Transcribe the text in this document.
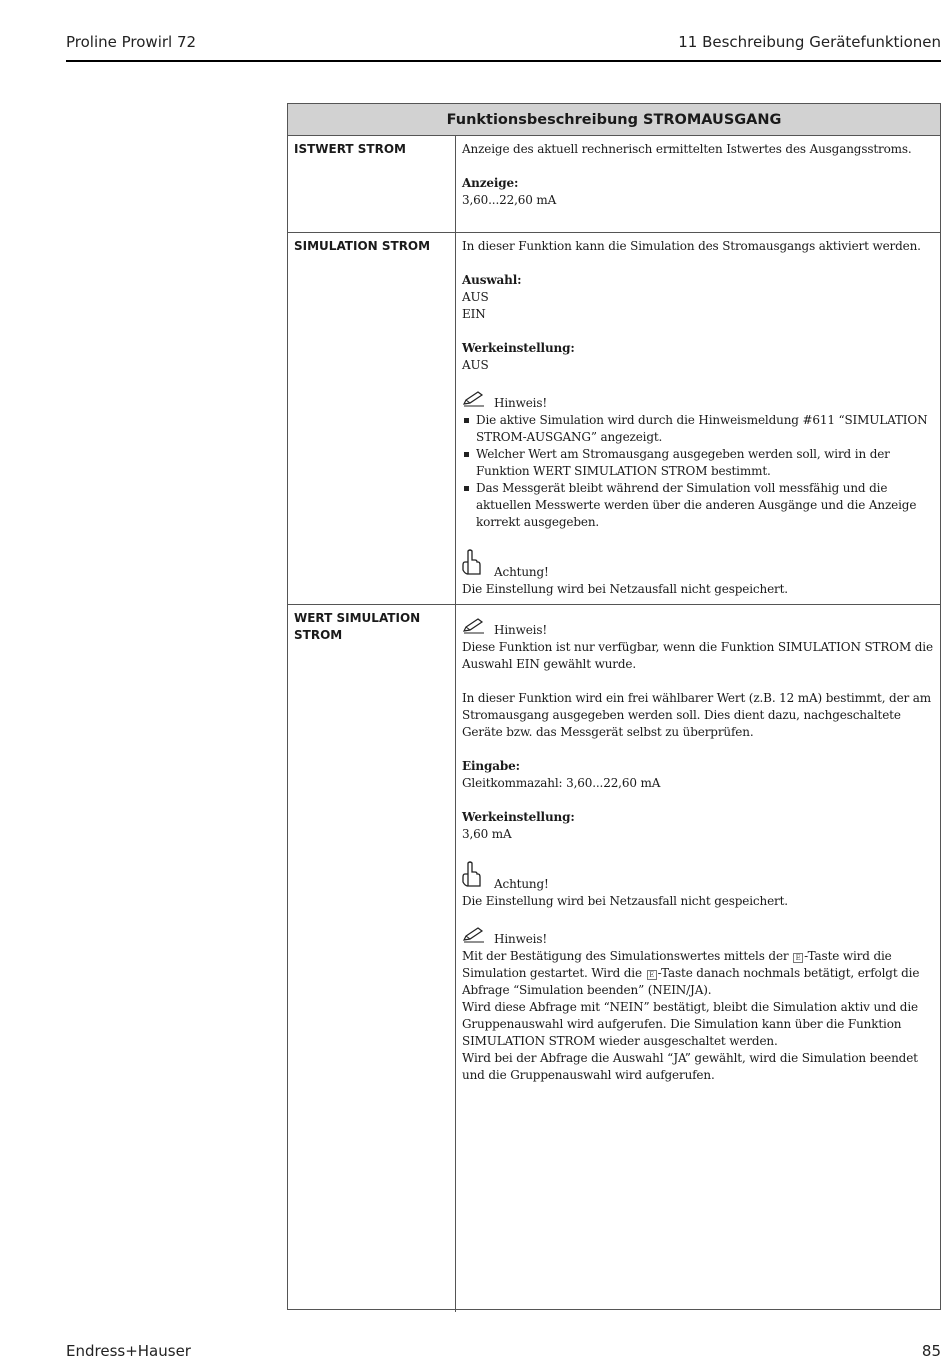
Proline Prowirl 72	11 Beschreibung Gerätefunktionen
Funktionsbeschreibung STROMAUSGANG
ISTWERT STROM	Anzeige des aktuell rechnerisch ermittelten Istwertes des Ausgangsstroms.

Anzeige:
3,60...22,60 mA
SIMULATION STROM	In dieser Funktion kann die Simulation des Stromausgangs aktiviert werden.

Auswahl:
AUS

EIN

Werkeinstellung:

AUS

Hinweis!
Die aktive Simulation wird durch die Hinweismeldung #611 “SIMULATION STROM-AUSGANG” angezeigt.
Welcher Wert am Stromausgang ausgegeben werden soll, wird in der Funktion WERT SIMULATION STROM bestimmt.
Das Messgerät bleibt während der Simulation voll messfähig und die aktuellen Messwerte werden über die anderen Ausgänge und die Anzeige korrekt ausgegeben.
Achtung!
Die Einstellung wird bei Netzausfall nicht gespeichert.
WERT SIMULATION STROM	Hinweis!

Diese Funktion ist nur verfügbar, wenn die Funktion SIMULATION STROM die Auswahl EIN gewählt wurde.

In dieser Funktion wird ein frei wählbarer Wert (z.B. 12 mA) bestimmt, der am Stromausgang ausgegeben werden soll. Dies dient dazu, nachgeschaltete Geräte bzw. das Messgerät selbst zu überprüfen.

Eingabe:

Gleitkommazahl: 3,60...22,60 mA

Werkeinstellung:

3,60 mA

Achtung!

Die Einstellung wird bei Netzausfall nicht gespeichert.

Hinweis!
Mit der Bestätigung des Simulationswertes mittels der E -Taste wird die Simulation gestartet. Wird die E -Taste danach nochmals betätigt, erfolgt die Abfrage “Simulation beenden” (NEIN/JA).
Wird diese Abfrage mit “NEIN” bestätigt, bleibt die Simulation aktiv und die Gruppenauswahl wird aufgerufen. Die Simulation kann über die Funktion SIMULATION STROM wieder ausgeschaltet werden.
Wird bei der Abfrage die Auswahl “JA” gewählt, wird die Simulation beendet und die Gruppenauswahl wird aufgerufen.
Endress+Hauser	85
